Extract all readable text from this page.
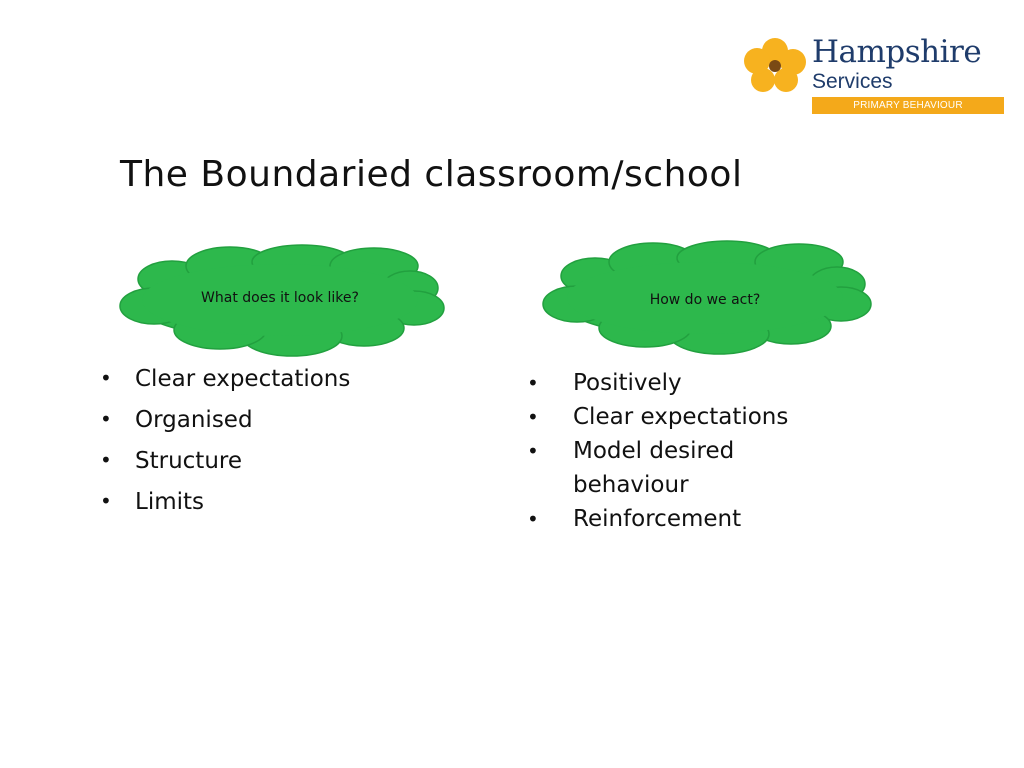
Hampshire
Services
PRIMARY BEHAVIOUR
The Boundaried classroom/school
What does it look like?	How do we act?
• Clear expectations
• Organised
• Structure
• Limits
• Positively
• Clear expectations
• Model desired behaviour
• Reinforcement
